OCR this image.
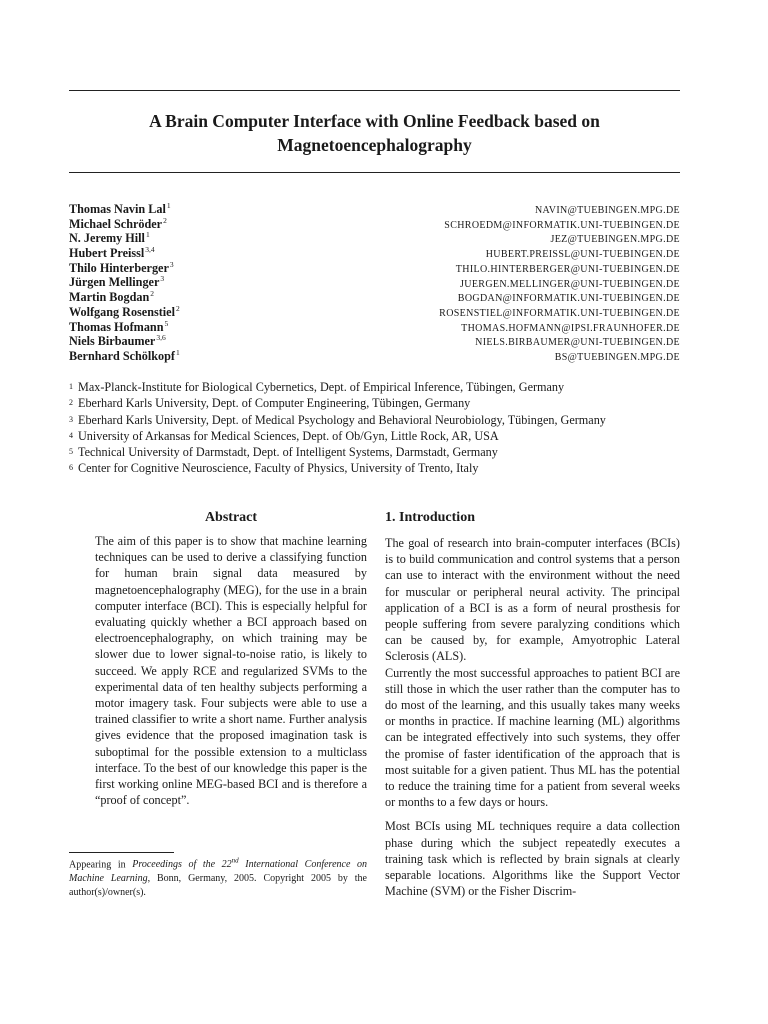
A Brain Computer Interface with Online Feedback based on
Magnetoencephalography
Thomas Navin Lal$^1$	NAVIN@TUEBINGEN.MPG.DE
Michael Schröder$^2$	SCHROEDM@INFORMATIK.UNI-TUEBINGEN.DE
N. Jeremy Hill$^1$	JEZ@TUEBINGEN.MPG.DE
Hubert Preissl$^{3,4}$	HUBERT.PREISSL@UNI-TUEBINGEN.DE
Thilo Hinterberger$^3$	THILO.HINTERBERGER@UNI-TUEBINGEN.DE
Jürgen Mellinger$^3$	JUERGEN.MELLINGER@UNI-TUEBINGEN.DE
Martin Bogdan$^2$	BOGDAN@INFORMATIK.UNI-TUEBINGEN.DE
Wolfgang Rosenstiel$^2$	ROSENSTIEL@INFORMATIK.UNI-TUEBINGEN.DE
Thomas Hofmann$^5$	THOMAS.HOFMANN@IPSI.FRAUNHOFER.DE
Niels Birbaumer$^{3,6}$	NIELS.BIRBAUMER@UNI-TUEBINGEN.DE
Bernhard Schölkopf$^1$	BS@TUEBINGEN.MPG.DE
$^1$ Max-Planck-Institute for Biological Cybernetics, Dept. of Empirical Inference, Tübingen, Germany
$^2$ Eberhard Karls University, Dept. of Computer Engineering, Tübingen, Germany
$^3$ Eberhard Karls University, Dept. of Medical Psychology and Behavioral Neurobiology, Tübingen, Germany
$^4$ University of Arkansas for Medical Sciences, Dept. of Ob/Gyn, Little Rock, AR, USA
$^5$ Technical University of Darmstadt, Dept. of Intelligent Systems, Darmstadt, Germany
$^6$ Center for Cognitive Neuroscience, Faculty of Physics, University of Trento, Italy
Abstract

The aim of this paper is to show that machine learning techniques can be used to derive a classifying function for human brain signal data measured by magnetoencephalography (MEG), for the use in a brain computer interface (BCI). This is especially helpful for evaluating quickly whether a BCI approach based on electroencephalography, on which training may be slower due to lower signal-to-noise ratio, is likely to succeed. We apply RCE and regularized SVMs to the experimental data of ten healthy subjects performing a motor imagery task. Four subjects were able to use a trained classifier to write a short name. Further analysis gives evidence that the proposed imagination task is suboptimal for the possible extension to a multiclass interface. To the best of our knowledge this paper is the first working online MEG-based BCI and is therefore a “proof of concept”.

Appearing in Proceedings of the 22nd International Conference on Machine Learning, Bonn, Germany, 2005. Copyright 2005 by the author(s)/owner(s).
1. Introduction

The goal of research into brain-computer interfaces (BCIs) is to build communication and control systems that a person can use to interact with the environment without the need for muscular or peripheral neural activity. The principal application of a BCI is as a form of neural prosthesis for people suffering from severe paralyzing conditions which can be caused by, for example, Amyotrophic Lateral Sclerosis (ALS).

Currently the most successful approaches to patient BCI are still those in which the user rather than the computer has to do most of the learning, and this usually takes many weeks or months in practice. If machine learning (ML) algorithms can be integrated effectively into such systems, they offer the promise of faster identification of the approach that is most suitable for a given patient. Thus ML has the potential to reduce the training time for a patient from several weeks or months to a few days or hours.

Most BCIs using ML techniques require a data collection phase during which the subject repeatedly executes a training task which is reflected by brain signals at clearly separable locations. Algorithms like the Support Vector Machine (SVM) or the Fisher Discrim-
